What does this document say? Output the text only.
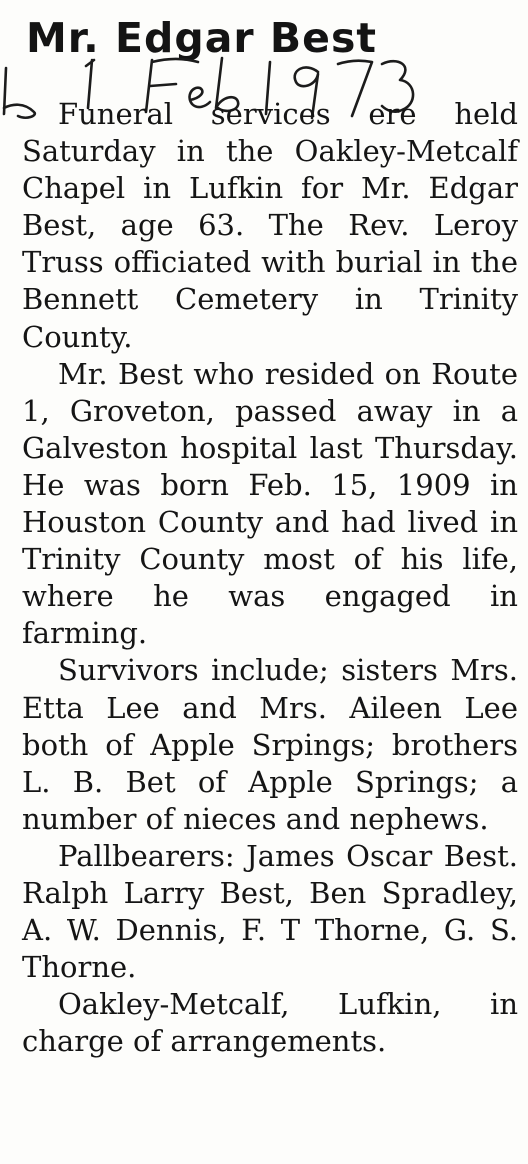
Mr. Edgar Best

Funeral services ere held Saturday in the Oakley-Metcalf Chapel in Lufkin for Mr. Edgar Best, age 63. The Rev. Leroy Truss officiated with burial in the Bennett Cemetery in Trinity County.

Mr. Best who resided on Route 1, Groveton, passed away in a Galveston hospital last Thursday. He was born Feb. 15, 1909 in Houston County and had lived in Trinity County most of his life, where he was engaged in farming.

Survivors include; sisters Mrs. Etta Lee and Mrs. Aileen Lee both of Apple Srpings; brothers L. B. Bet of Apple Springs; a number of nieces and nephews.

Pallbearers: James Oscar Best. Ralph Larry Best, Ben Spradley, A. W. Dennis, F. T Thorne, G. S. Thorne.

Oakley-Metcalf, Lufkin, in charge of arrangements.
